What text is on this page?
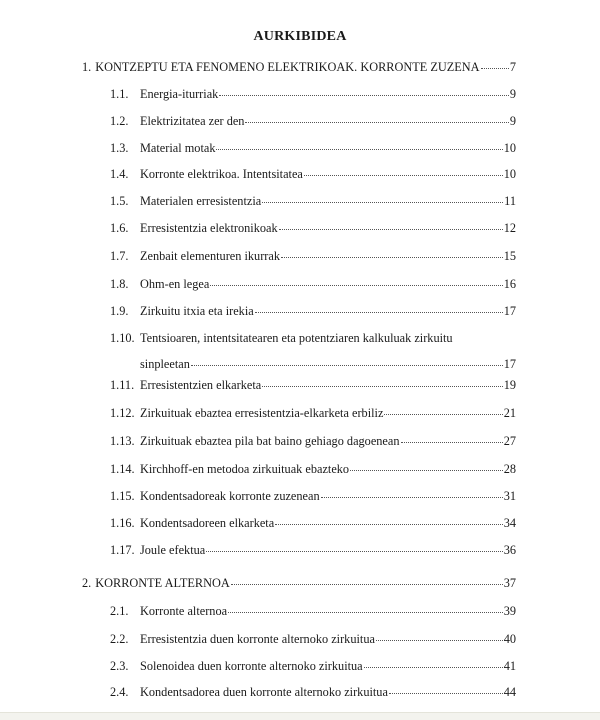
AURKIBIDEA
1. KONTZEPTU ETA FENOMENO ELEKTRIKOAK. KORRONTE ZUZENA 7
1.1. Energia-iturriak	9
1.2. Elektrizitatea zer den	9
1.3. Material motak	10
1.4. Korronte elektrikoa. Intentsitatea	10
1.5. Materialen erresistentzia	11
1.6. Erresistentzia elektronikoak	12
1.7. Zenbait elementuren ikurrak	15
1.8. Ohm-en legea	16
1.9. Zirkuitu itxia eta irekia	17
1.10. Tentsioaren, intentsitatearen eta potentziaren kalkuluak zirkuitu
sinpleetan	17
1.11. Erresistentzien elkarketa	19
1.12. Zirkuituak ebaztea erresistentzia-elkarketa erbiliz	21
1.13. Zirkuituak ebaztea pila bat baino gehiago dagoenean	27
1.14. Kirchhoff-en metodoa zirkuituak ebazteko	28
1.15. Kondentsadoreak korronte zuzenean	31
1.16. Kondentsadoreen elkarketa	34
1.17. Joule efektua	36
2. KORRONTE ALTERNOA	37
2.1. Korronte alternoa	39
2.2. Erresistentzia duen korronte alternoko zirkuitua	40
2.3. Solenoidea duen korronte alternoko zirkuitua	41
2.4. Kondentsadorea duen korronte alternoko zirkuitua	44
